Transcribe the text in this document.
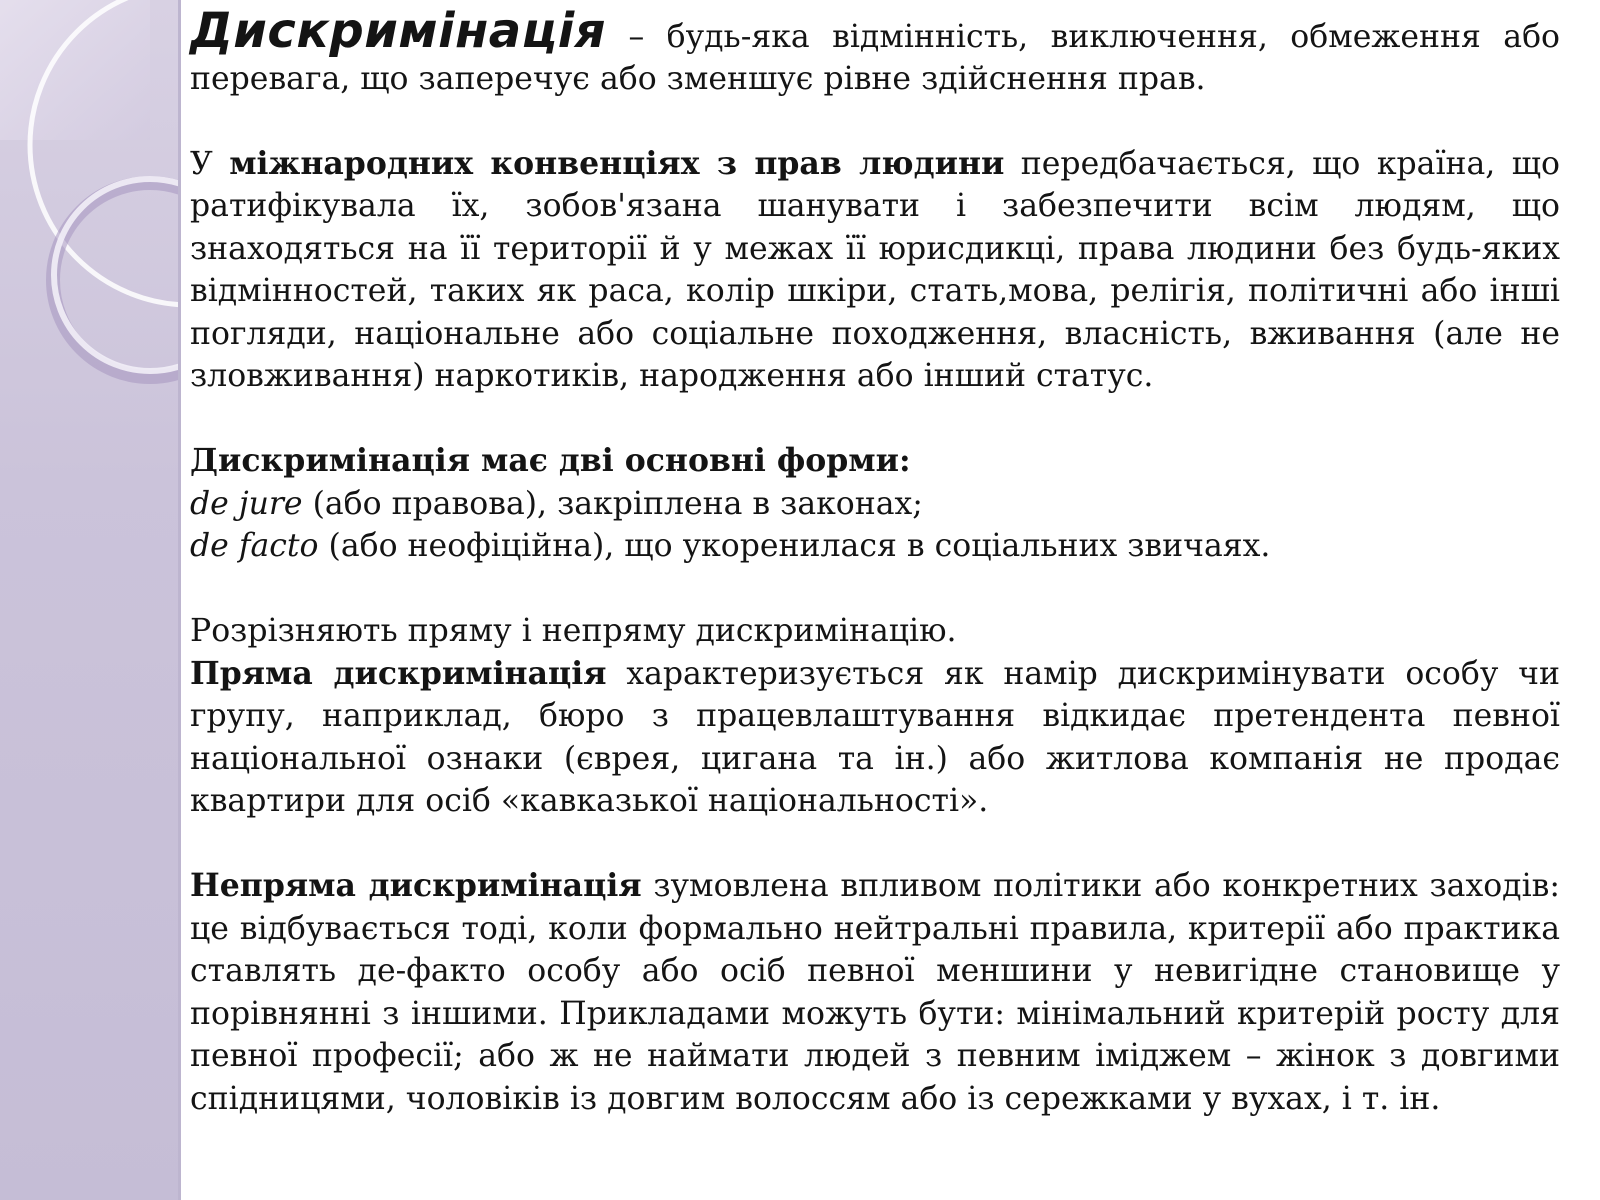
Дискримінація – будь-яка відмінність, виключення, обмеження або перевага, що заперечує або зменшує рівне здійснення прав.

У міжнародних конвенціях з прав людини передбачається, що країна, що ратифікувала їх, зобов'язана шанувати і забезпечити всім людям, що знаходяться на її території й у межах її юрисдикці, права людини без будь-яких відмінностей, таких як раса, колір шкіри, стать,мова, релігія, політичні або інші погляди, національне або соціальне походження, власність, вживання (але не зловживання) наркотиків, народження або інший статус.

Дискримінація має дві основні форми:

de jure (або правова), закріплена в законах;

de facto (або неофіційна), що укоренилася в соціальних звичаях.

Розрізняють пряму і непряму дискримінацію.

Пряма дискримінація характеризується як намір дискримінувати особу чи групу, наприклад, бюро з працевлаштування відкидає претендента певної національної ознаки (єврея, цигана та ін.) або житлова компанія не продає квартири для осіб «кавказької національності».

Непряма дискримінація зумовлена впливом політики або конкретних заходів: це відбувається тоді, коли формально нейтральні правила, критерії або практика ставлять де-факто особу або осіб певної меншини у невигідне становище у порівнянні з іншими. Прикладами можуть бути: мінімальний критерій росту для певної професії; або ж не наймати людей з певним іміджем – жінок з довгими спідницями, чоловіків із довгим волоссям або із сережками у вухах, і т. ін.
